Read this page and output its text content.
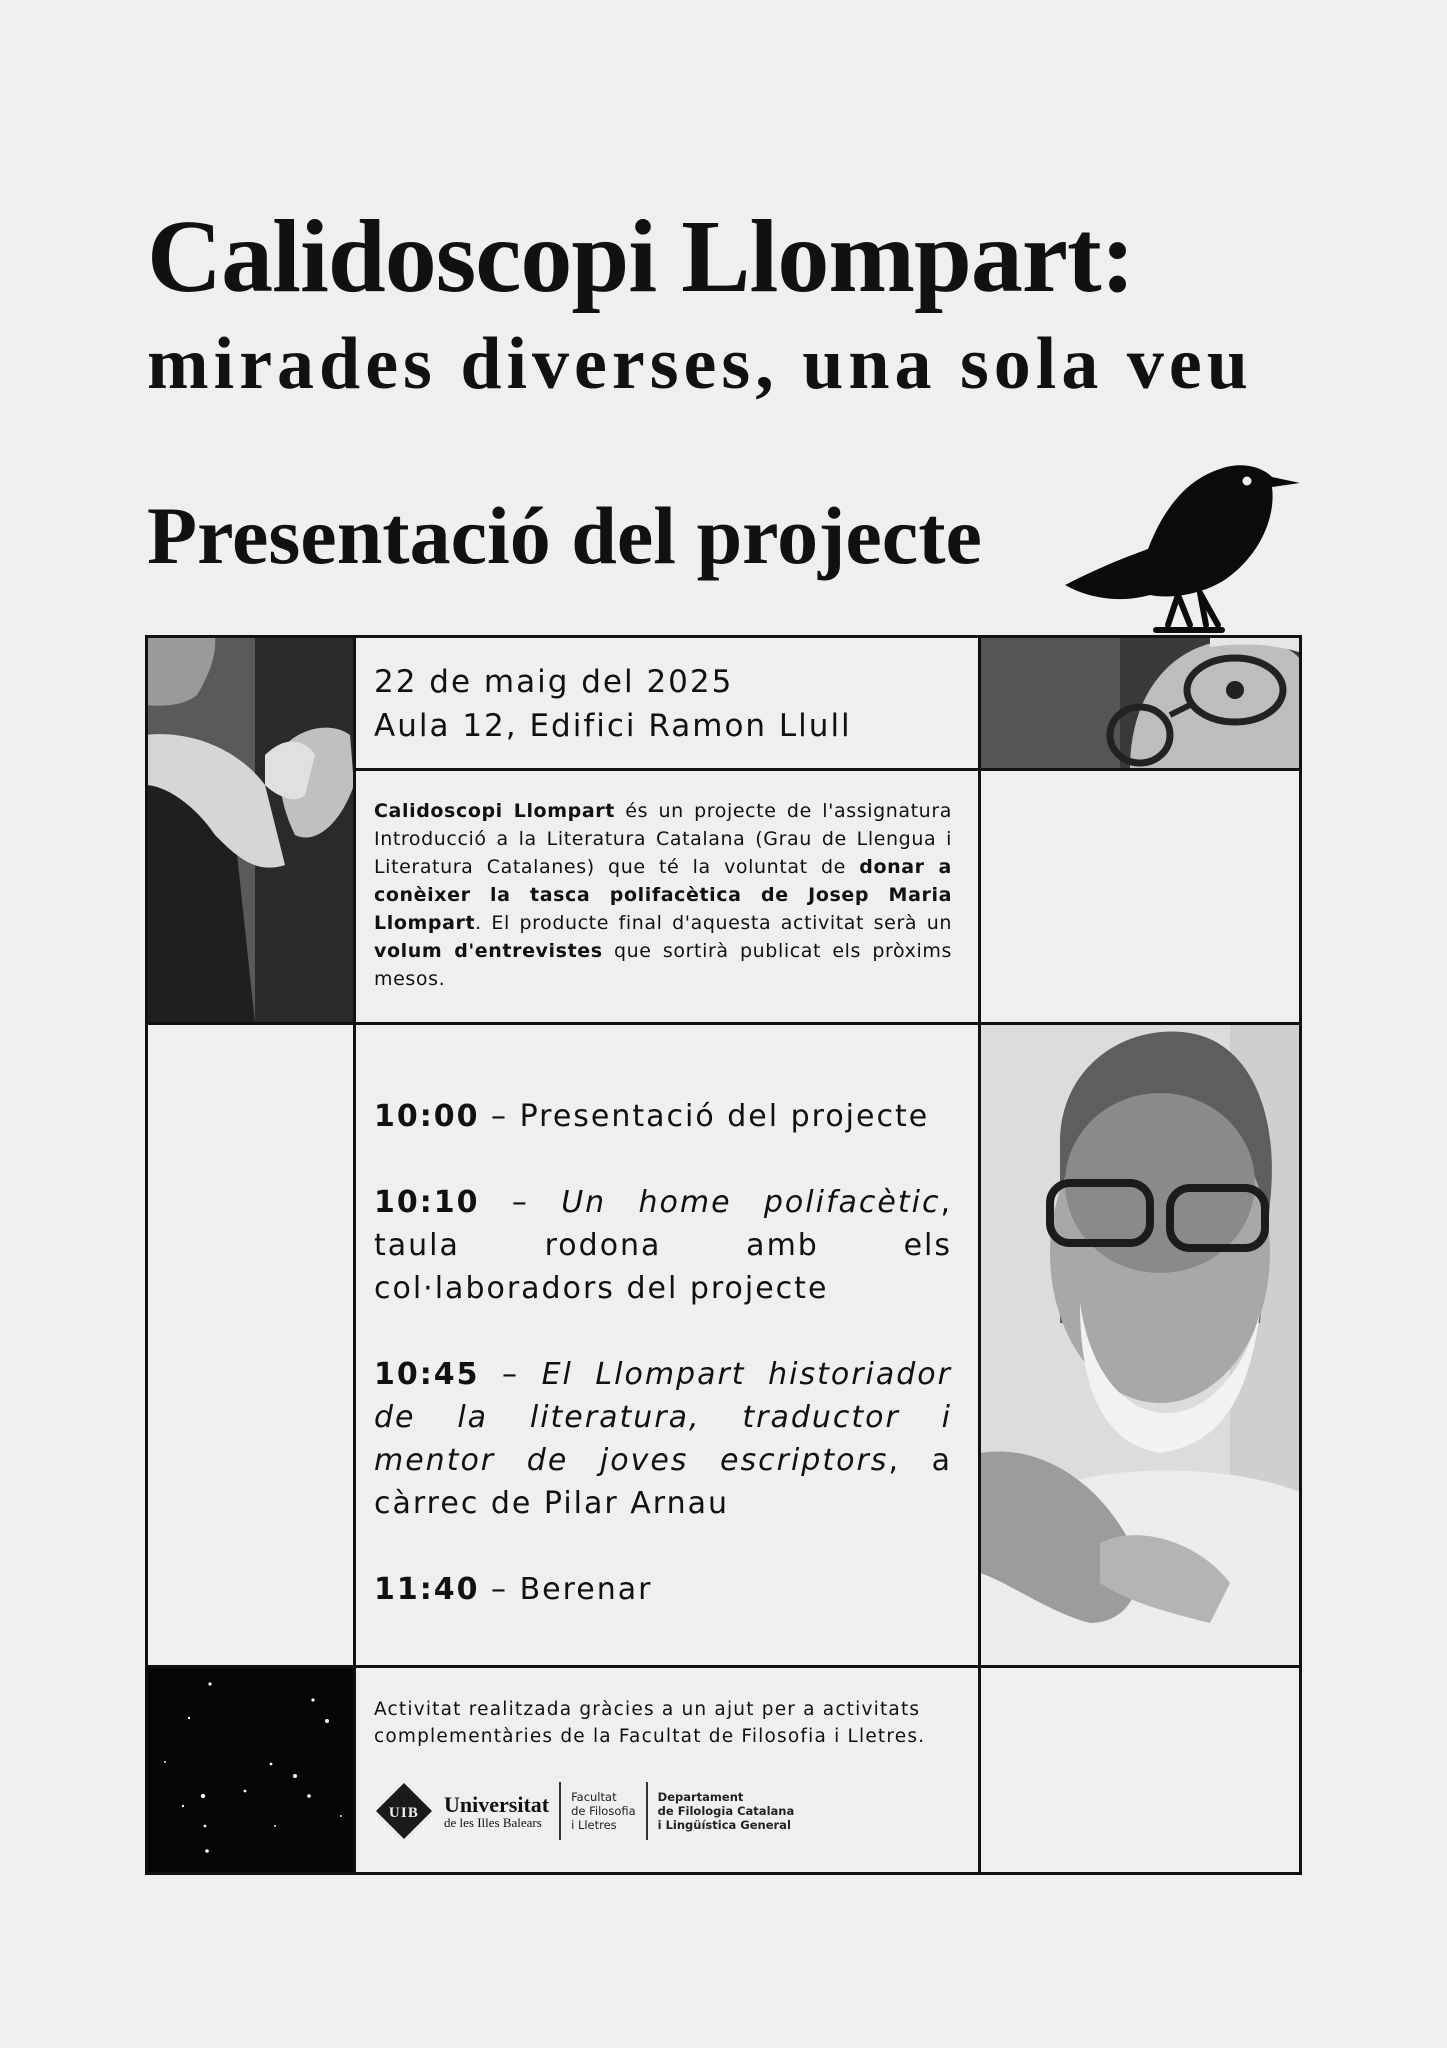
Calidoscopi Llompart:
mirades diverses, una sola veu
Presentació del projecte
22 de maig del 2025
Aula 12, Edifici Ramon Llull
Calidoscopi Llompart és un projecte de l'assignatura Introducció a la Literatura Catalana (Grau de Llengua i Literatura Catalanes) que té la voluntat de donar a conèixer la tasca polifacètica de Josep Maria Llompart. El producte final d'aquesta activitat serà un volum d'entrevistes que sortirà publicat els pròxims mesos.

10:00 – Presentació del projecte

10:10 – Un home polifacètic, taula rodona amb els col·laboradors del projecte

10:45 – El Llompart historiador de la literatura, traductor i mentor de joves escriptors, a càrrec de Pilar Arnau

11:40 – Berenar

Activitat realitzada gràcies a un ajut per a activitats complementàries de la Facultat de Filosofia i Lletres.
UIB Universitat
de les Illes Balears
Facultat
de Filosofia
i Lletres
Departament
de Filologia Catalana
i Lingüística General
